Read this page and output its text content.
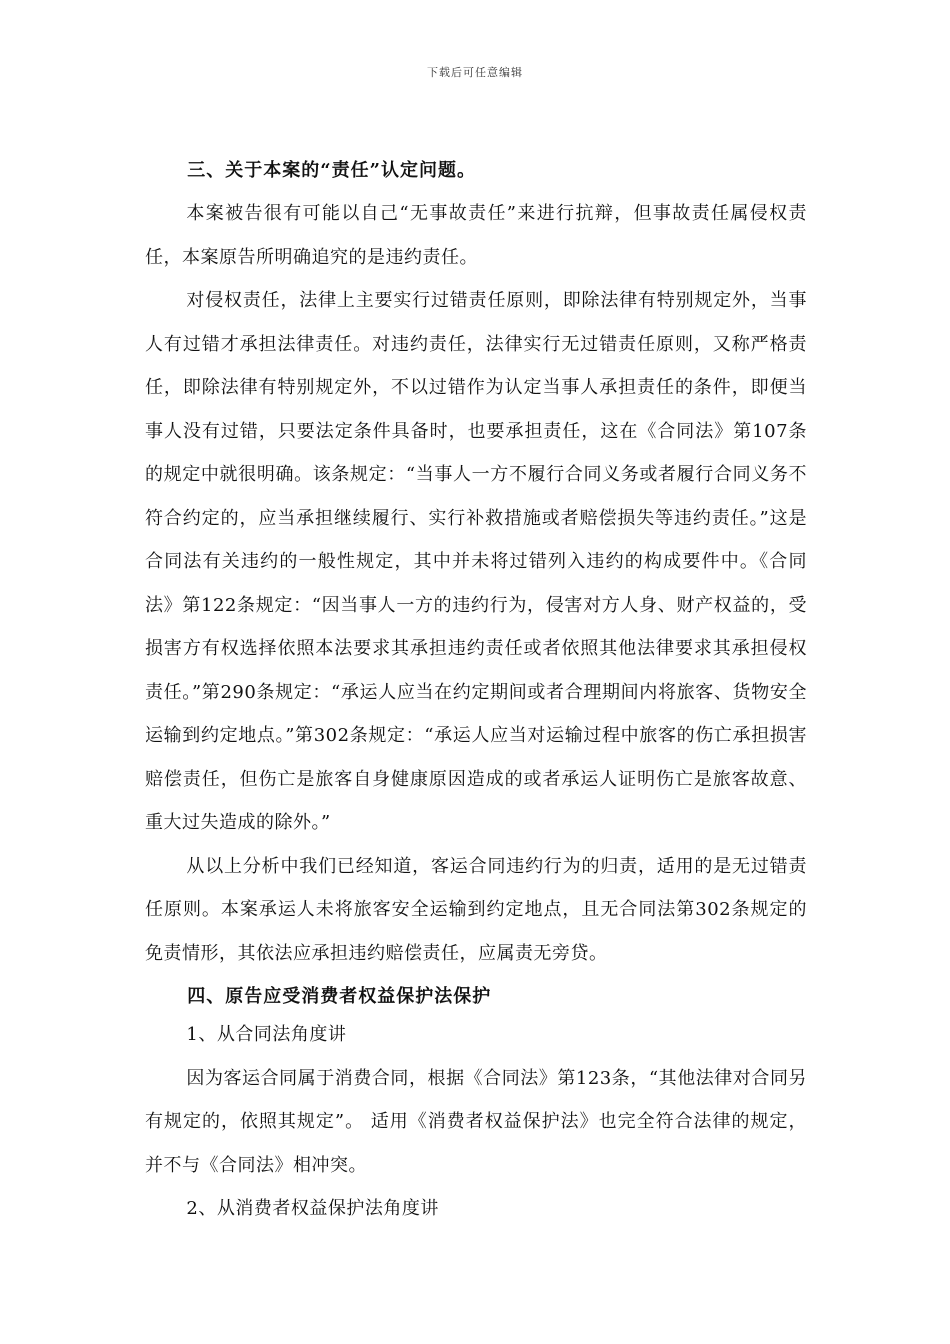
下载后可任意编辑

三、关于本案的“责任”认定问题。

本案被告很有可能以自己“无事故责任”来进行抗辩，但事故责任属侵权责任，本案原告所明确追究的是违约责任。

对侵权责任，法律上主要实行过错责任原则，即除法律有特别规定外，当事人有过错才承担法律责任。对违约责任，法律实行无过错责任原则，又称严格责任，即除法律有特别规定外，不以过错作为认定当事人承担责任的条件，即便当事人没有过错，只要法定条件具备时，也要承担责任，这在《合同法》第107条的规定中就很明确。该条规定：“当事人一方不履行合同义务或者履行合同义务不符合约定的，应当承担继续履行、实行补救措施或者赔偿损失等违约责任。”这是合同法有关违约的一般性规定，其中并未将过错列入违约的构成要件中。《合同法》第122条规定：“因当事人一方的违约行为，侵害对方人身、财产权益的，受损害方有权选择依照本法要求其承担违约责任或者依照其他法律要求其承担侵权责任。”第290条规定：“承运人应当在约定期间或者合理期间内将旅客、货物安全运输到约定地点。”第302条规定：“承运人应当对运输过程中旅客的伤亡承担损害赔偿责任，但伤亡是旅客自身健康原因造成的或者承运人证明伤亡是旅客故意、重大过失造成的除外。”

从以上分析中我们已经知道，客运合同违约行为的归责，适用的是无过错责任原则。本案承运人未将旅客安全运输到约定地点，且无合同法第302条规定的免责情形，其依法应承担违约赔偿责任，应属责无旁贷。

四、原告应受消费者权益保护法保护

1、从合同法角度讲

因为客运合同属于消费合同，根据《合同法》第123条，“其他法律对合同另有规定的，依照其规定”。 适用《消费者权益保护法》也完全符合法律的规定，并不与《合同法》相冲突。

2、从消费者权益保护法角度讲
